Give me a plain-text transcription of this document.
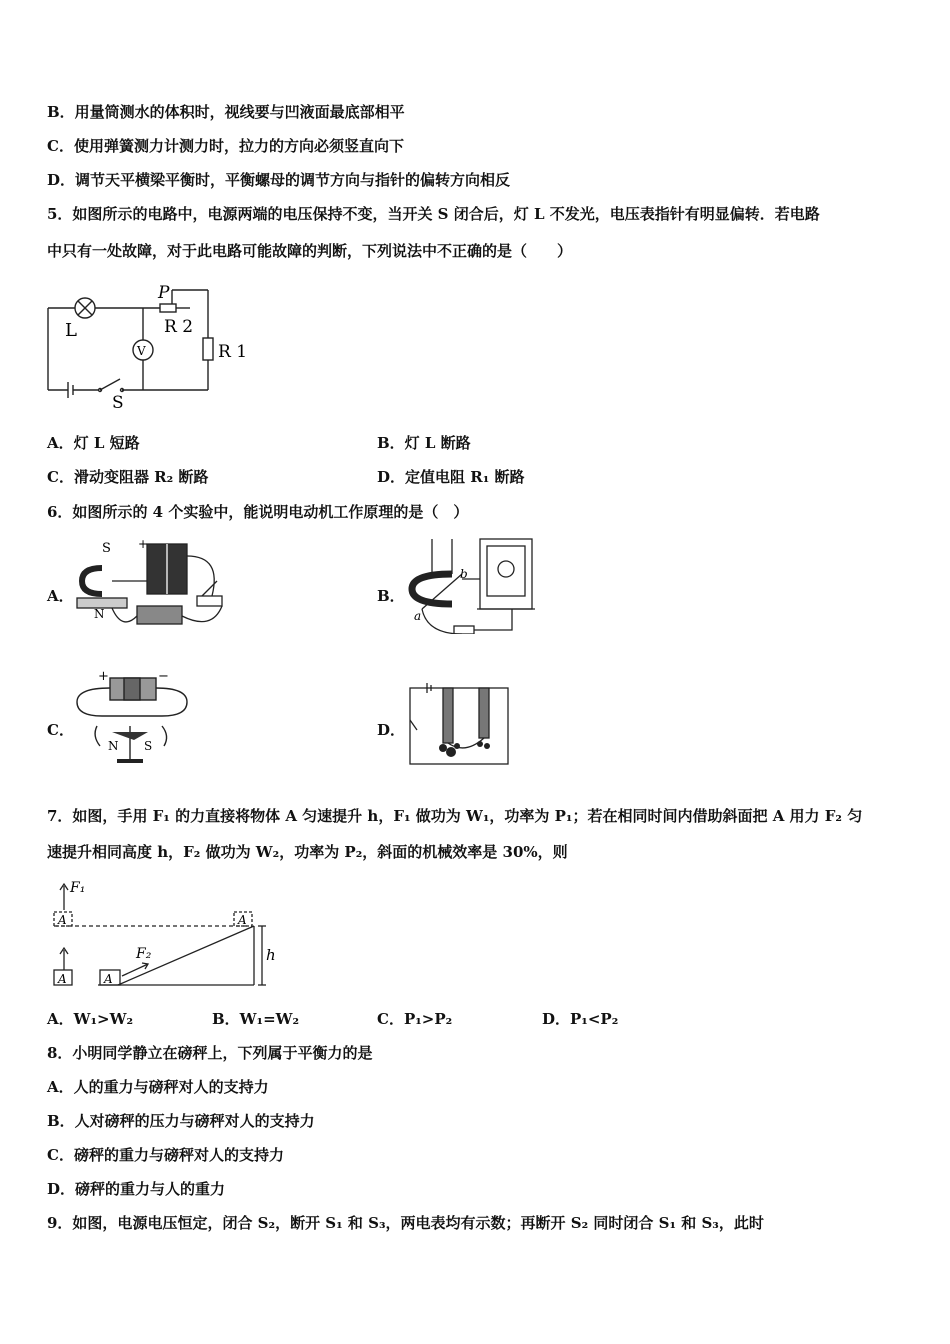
B．用量筒测水的体积时，视线要与凹液面最底部相平
C．使用弹簧测力计测力时，拉力的方向必须竖直向下
D．调节天平横梁平衡时，平衡螺母的调节方向与指针的偏转方向相反
5．如图所示的电路中，电源两端的电压保持不变，当开关 S 闭合后，灯 L 不发光，电压表指针有明显偏转．若电路
中只有一处故障，对于此电路可能故障的判断，下列说法中不正确的是（　　）
L
P
R 2
R 1
V
S
A．灯 L 短路	B．灯 L 断路
C．滑动变阻器 R₂ 断路	D．定值电阻 R₁ 断路
6．如图所示的 4 个实验中，能说明电动机工作原理的是（　）
A．
S
N
+
B．
a
b
C．
+	−
N S
D．
7．如图，手用 F₁ 的力直接将物体 A 匀速提升 h，F₁ 做功为 W₁，功率为 P₁；若在相同时间内借助斜面把 A 用力 F₂ 匀
速提升相同高度 h，F₂ 做功为 W₂，功率为 P₂，斜面的机械效率是 30%，则
F₁
F₂
A	A
A	A
h
A．W₁>W₂	B．W₁=W₂	C．P₁>P₂	D．P₁<P₂
8．小明同学静立在磅秤上，下列属于平衡力的是
A．人的重力与磅秤对人的支持力
B．人对磅秤的压力与磅秤对人的支持力
C．磅秤的重力与磅秤对人的支持力
D．磅秤的重力与人的重力
9．如图，电源电压恒定，闭合 S₂，断开 S₁ 和 S₃，两电表均有示数；再断开 S₂ 同时闭合 S₁ 和 S₃，此时
